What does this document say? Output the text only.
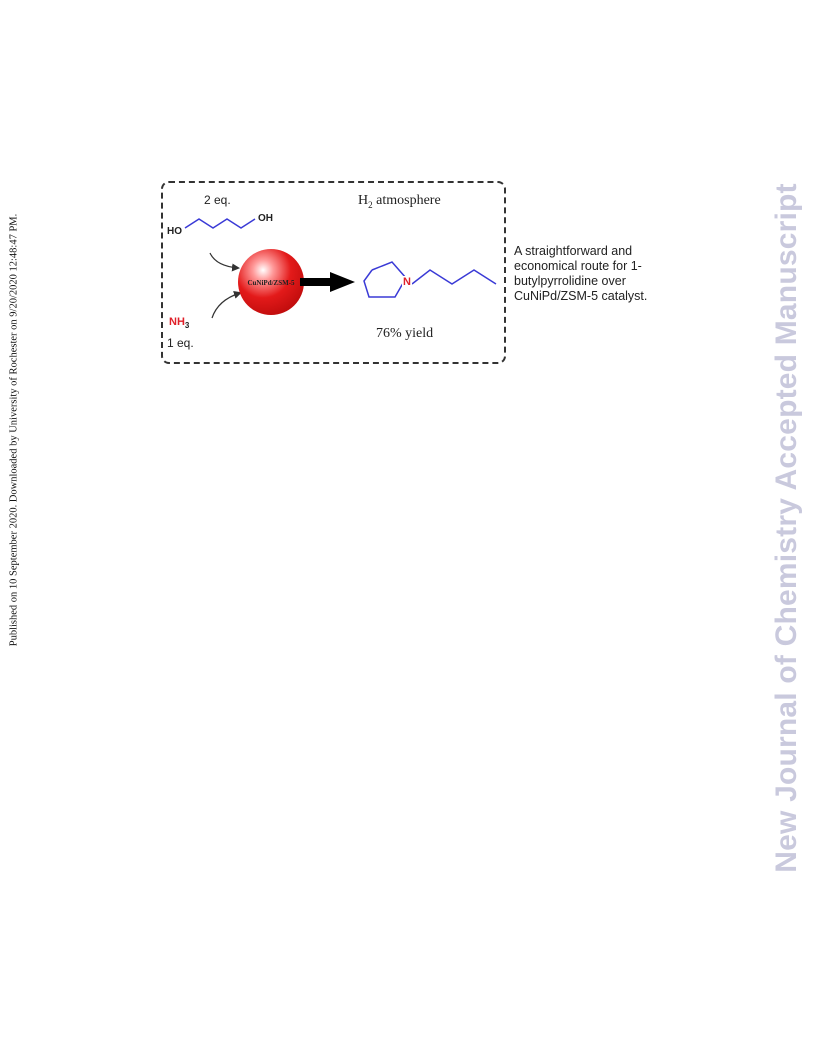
Published on 10 September 2020. Downloaded by University of Rochester on 9/20/2020 12:48:47 PM.	New Journal of Chemistry Accepted Manuscript
CuNiPd/ZSM-5
2 eq.
HO
OH
$H_2$ atmosphere
$NH_3$
1 eq.
N
76% yield
A straightforward and economical route for 1-butylpyrrolidine over CuNiPd/ZSM-5 catalyst.
